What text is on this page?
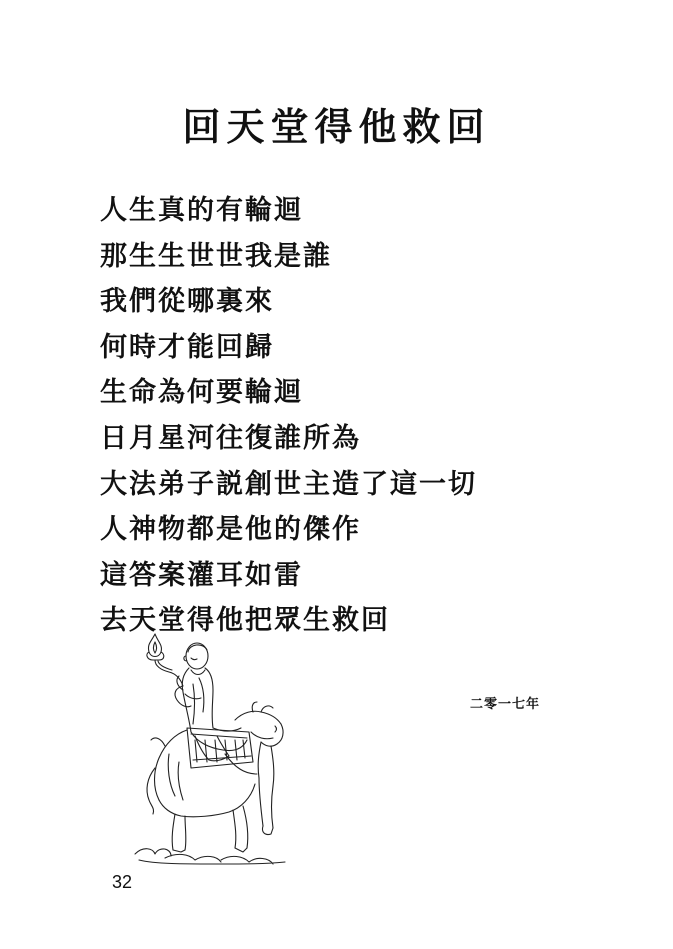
回天堂得他救回
人生真的有輪迴
那生生世世我是誰
我們從哪裏來
何時才能回歸
生命為何要輪迴
日月星河往復誰所為
大法弟子説創世主造了這一切
人神物都是他的傑作
這答案灌耳如雷
去天堂得他把眾生救回
二零一七年
32
